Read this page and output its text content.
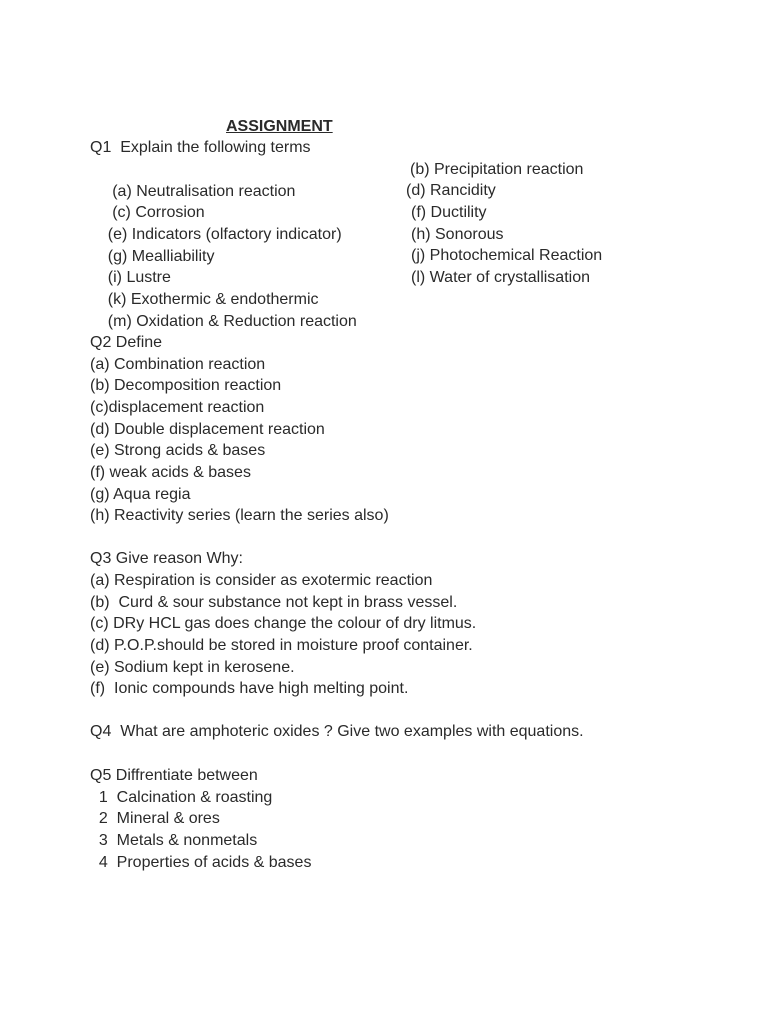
ASSIGNMENT
Q1  Explain the following terms

(a) Neutralisation reaction

(b) Precipitation reaction

(c) Corrosion

(d) Rancidity

(e) Indicators (olfactory indicator)

(f) Ductility

(g) Mealliability

(h) Sonorous

(i) Lustre

(j) Photochemical Reaction

(k) Exothermic & endothermic

(l) Water of crystallisation

(m) Oxidation & Reduction reaction

Q2 Define
(a) Combination reaction
(b) Decomposition reaction
(c)displacement reaction
(d) Double displacement reaction
(e) Strong acids & bases
(f) weak acids & bases
(g) Aqua regia
(h) Reactivity series (learn the series also)
Q3 Give reason Why:
(a) Respiration is consider as exotermic reaction
(b)  Curd & sour substance not kept in brass vessel.
(c) DRy HCL gas does change the colour of dry litmus.
(d) P.O.P.should be stored in moisture proof container.
(e) Sodium kept in kerosene.
(f)  Ionic compounds have high melting point.
Q4  What are amphoteric oxides ? Give two examples with equations.
Q5 Diffrentiate between
1  Calcination & roasting
2  Mineral & ores
3  Metals & nonmetals
4  Properties of acids & bases
